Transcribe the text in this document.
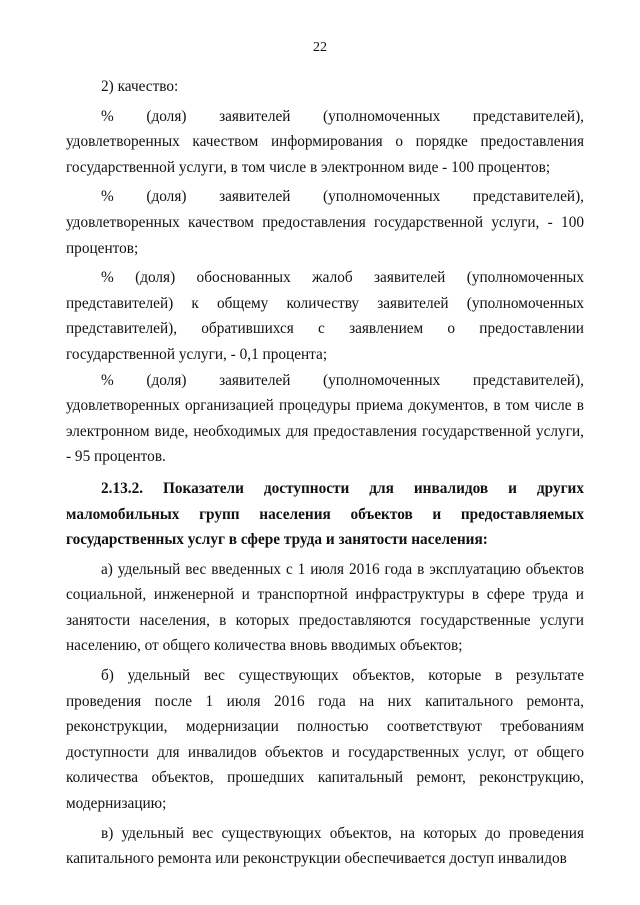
22

2) качество:

% (доля) заявителей (уполномоченных представителей), удовлетворенных качеством информирования о порядке предоставления государственной услуги, в том числе в электронном виде - 100 процентов;

% (доля) заявителей (уполномоченных представителей), удовлетворенных качеством предоставления государственной услуги, - 100 процентов;

% (доля) обоснованных жалоб заявителей (уполномоченных представителей) к общему количеству заявителей (уполномоченных представителей), обратившихся с заявлением о предоставлении государственной услуги, - 0,1 процента;

% (доля) заявителей (уполномоченных представителей), удовлетворенных организацией процедуры приема документов, в том числе в электронном виде, необходимых для предоставления государственной услуги, - 95 процентов.

2.13.2. Показатели доступности для инвалидов и других маломобильных групп населения объектов и предоставляемых государственных услуг в сфере труда и занятости населения:

а) удельный вес введенных с 1 июля 2016 года в эксплуатацию объектов социальной, инженерной и транспортной инфраструктуры в сфере труда и занятости населения, в которых предоставляются государственные услуги населению, от общего количества вновь вводимых объектов;

б) удельный вес существующих объектов, которые в результате проведения после 1 июля 2016 года на них капитального ремонта, реконструкции, модернизации полностью соответствуют требованиям доступности для инвалидов объектов и государственных услуг, от общего количества объектов, прошедших капитальный ремонт, реконструкцию, модернизацию;

в) удельный вес существующих объектов, на которых до проведения капитального ремонта или реконструкции обеспечивается доступ инвалидов
